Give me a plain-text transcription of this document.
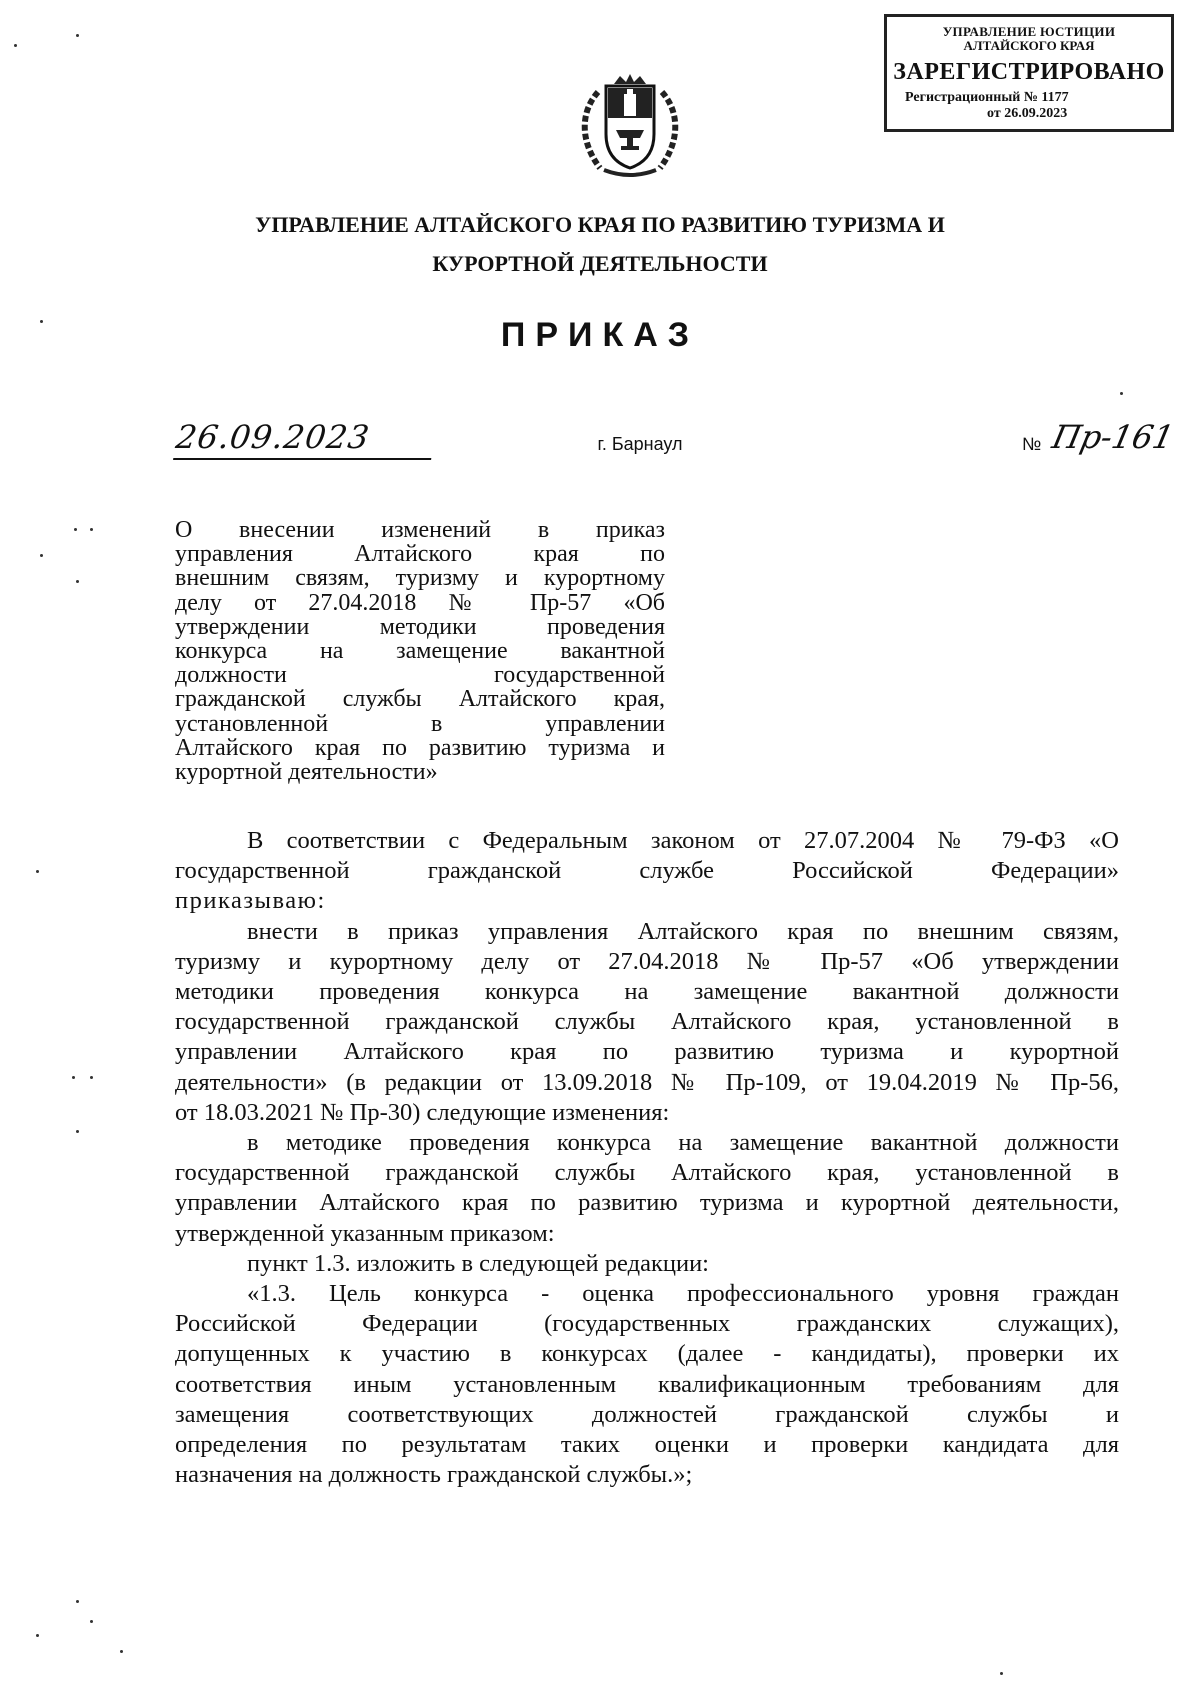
УПРАВЛЕНИЕ ЮСТИЦИИ
АЛТАЙСКОГО КРАЯ
ЗАРЕГИСТРИРОВАНО
Регистрационный № 1177
от 26.09.2023
УПРАВЛЕНИЕ АЛТАЙСКОГО КРАЯ ПО РАЗВИТИЮ ТУРИЗМА И
КУРОРТНОЙ ДЕЯТЕЛЬНОСТИ
ПРИКАЗ
26.09.2023	г. Барнаул	№ Пр-161
О внесении изменений в приказ
управления Алтайского края по
внешним связям, туризму и курортному
делу от 27.04.2018 № Пр-57 «Об
утверждении методики проведения
конкурса на замещение вакантной
должности государственной
гражданской службы Алтайского края,
установленной в управлении
Алтайского края по развитию туризма и
курортной деятельности»
В соответствии с Федеральным законом от 27.07.2004 № 79-ФЗ «О
государственной гражданской службе Российской Федерации»
приказываю:
внести в приказ управления Алтайского края по внешним связям,
туризму и курортному делу от 27.04.2018 № Пр-57 «Об утверждении
методики проведения конкурса на замещение вакантной должности
государственной гражданской службы Алтайского края, установленной в
управлении Алтайского края по развитию туризма и курортной
деятельности» (в редакции от 13.09.2018 № Пр-109, от 19.04.2019 № Пр-56,
от 18.03.2021 № Пр-30) следующие изменения:
в методике проведения конкурса на замещение вакантной должности
государственной гражданской службы Алтайского края, установленной в
управлении Алтайского края по развитию туризма и курортной деятельности,
утвержденной указанным приказом:
пункт 1.3. изложить в следующей редакции:
«1.3. Цель конкурса - оценка профессионального уровня граждан
Российской Федерации (государственных гражданских служащих),
допущенных к участию в конкурсах (далее - кандидаты), проверки их
соответствия иным установленным квалификационным требованиям для
замещения соответствующих должностей гражданской службы и
определения по результатам таких оценки и проверки кандидата для
назначения на должность гражданской службы.»;
